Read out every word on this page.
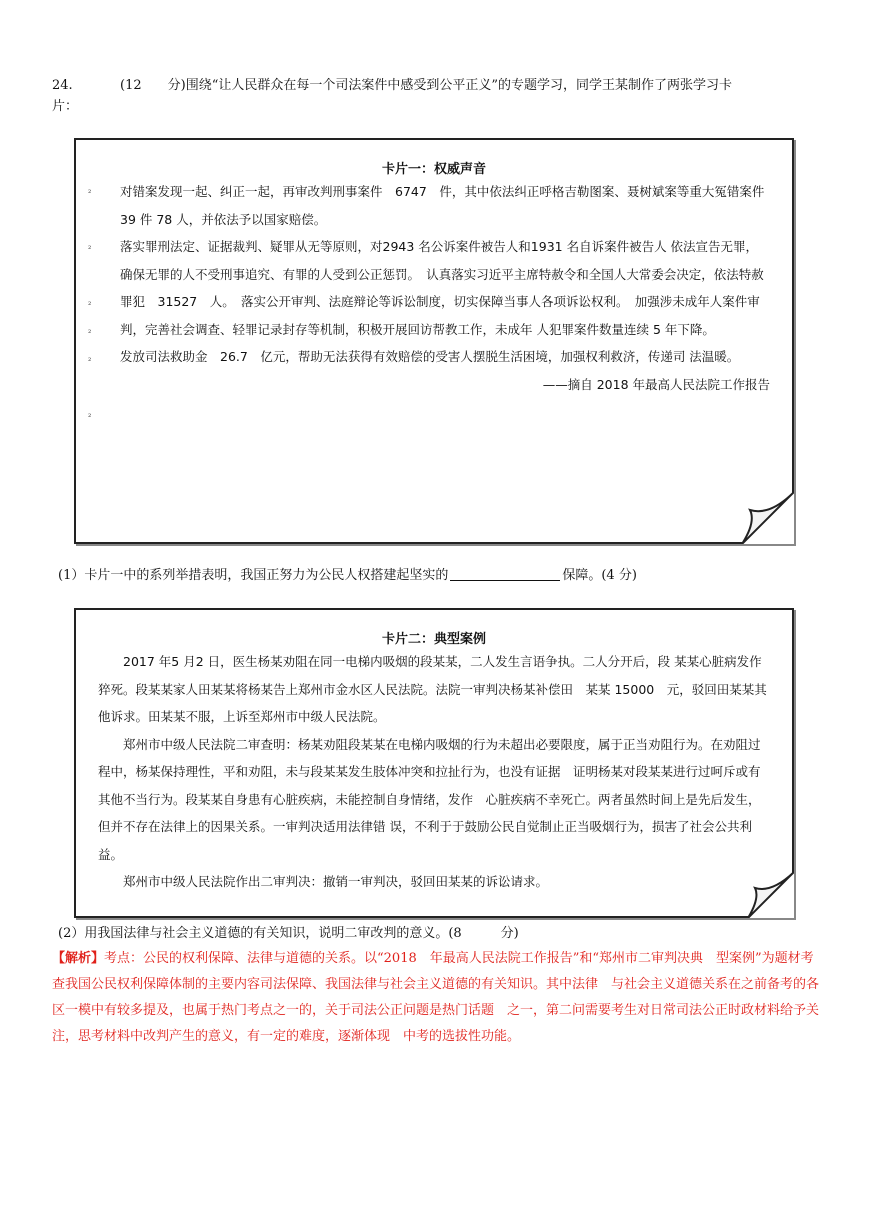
24.	(12　　分)围绕“让人民群众在每一个司法案件中感受到公平正义”的专题学习，同学王某制作了两张学习卡
片：
卡片一：权威声音
₂
₂
₂
₂
₂
₂

对错案发现一起、纠正一起，再审改判刑事案件　6747　件，其中依法纠正呼格吉勒图案、聂树斌案等重大冤错案件 39 件 78 人，并依法予以国家赔偿。

落实罪刑法定、证据裁判、疑罪从无等原则，对2943 名公诉案件被告人和1931 名自诉案件被告人 依法宣告无罪，确保无罪的人不受刑事追究、有罪的人受到公正惩罚。　认真落实习近平主席特赦令和全国人大常委会决定，依法特赦罪犯　31527　人。　落实公开审判、法庭辩论等诉讼制度，切实保障当事人各项诉讼权利。　加强涉未成年人案件审判，完善社会调查、轻罪记录封存等机制，积极开展回访帮教工作，未成年 人犯罪案件数量连续 5 年下降。

发放司法救助金　26.7　亿元，帮助无法获得有效赔偿的受害人摆脱生活困境，加强权利救济，传递司 法温暖。

——摘自 2018 年最高人民法院工作报告
(1）卡片一中的系列举措表明，我国正努力为公民人权搭建起坚实的	保障。(4 分)
卡片二：典型案例

2017 年5 月2 日，医生杨某劝阻在同一电梯内吸烟的段某某，二人发生言语争执。二人分开后，段 某某心脏病发作猝死。段某某家人田某某将杨某告上郑州市金水区人民法院。法院一审判决杨某补偿田　某某 15000　元，驳回田某某其他诉求。田某某不服，上诉至郑州市中级人民法院。

郑州市中级人民法院二审查明：杨某劝阻段某某在电梯内吸烟的行为未超出必要限度，属于正当劝阻行为。在劝阻过程中，杨某保持理性，平和劝阻，未与段某某发生肢体冲突和拉扯行为，也没有证据　证明杨某对段某某进行过呵斥或有其他不当行为。段某某自身患有心脏疾病，未能控制自身情绪，发作　心脏疾病不幸死亡。两者虽然时间上是先后发生，但并不存在法律上的因果关系。一审判决适用法律错 误，不利于于鼓励公民自觉制止正当吸烟行为，损害了社会公共利益。

郑州市中级人民法院作出二审判决：撤销一审判决，驳回田某某的诉讼请求。

(2）用我国法律与社会主义道德的有关知识，说明二审改判的意义。(8　　　分)
【解析】考点：公民的权利保障、法律与道德的关系。以“2018　年最高人民法院工作报告”和“郑州市二审判决典　型案例”为题材考查我国公民权利保障体制的主要内容司法保障、我国法律与社会主义道德的有关知识。其中法律　与社会主义道德关系在之前备考的各区一模中有较多提及，也属于热门考点之一的，关于司法公正问题是热门话题　之一，第二问需要考生对日常司法公正时政材料给予关注，思考材料中改判产生的意义，有一定的难度，逐渐体现　中考的选拔性功能。
